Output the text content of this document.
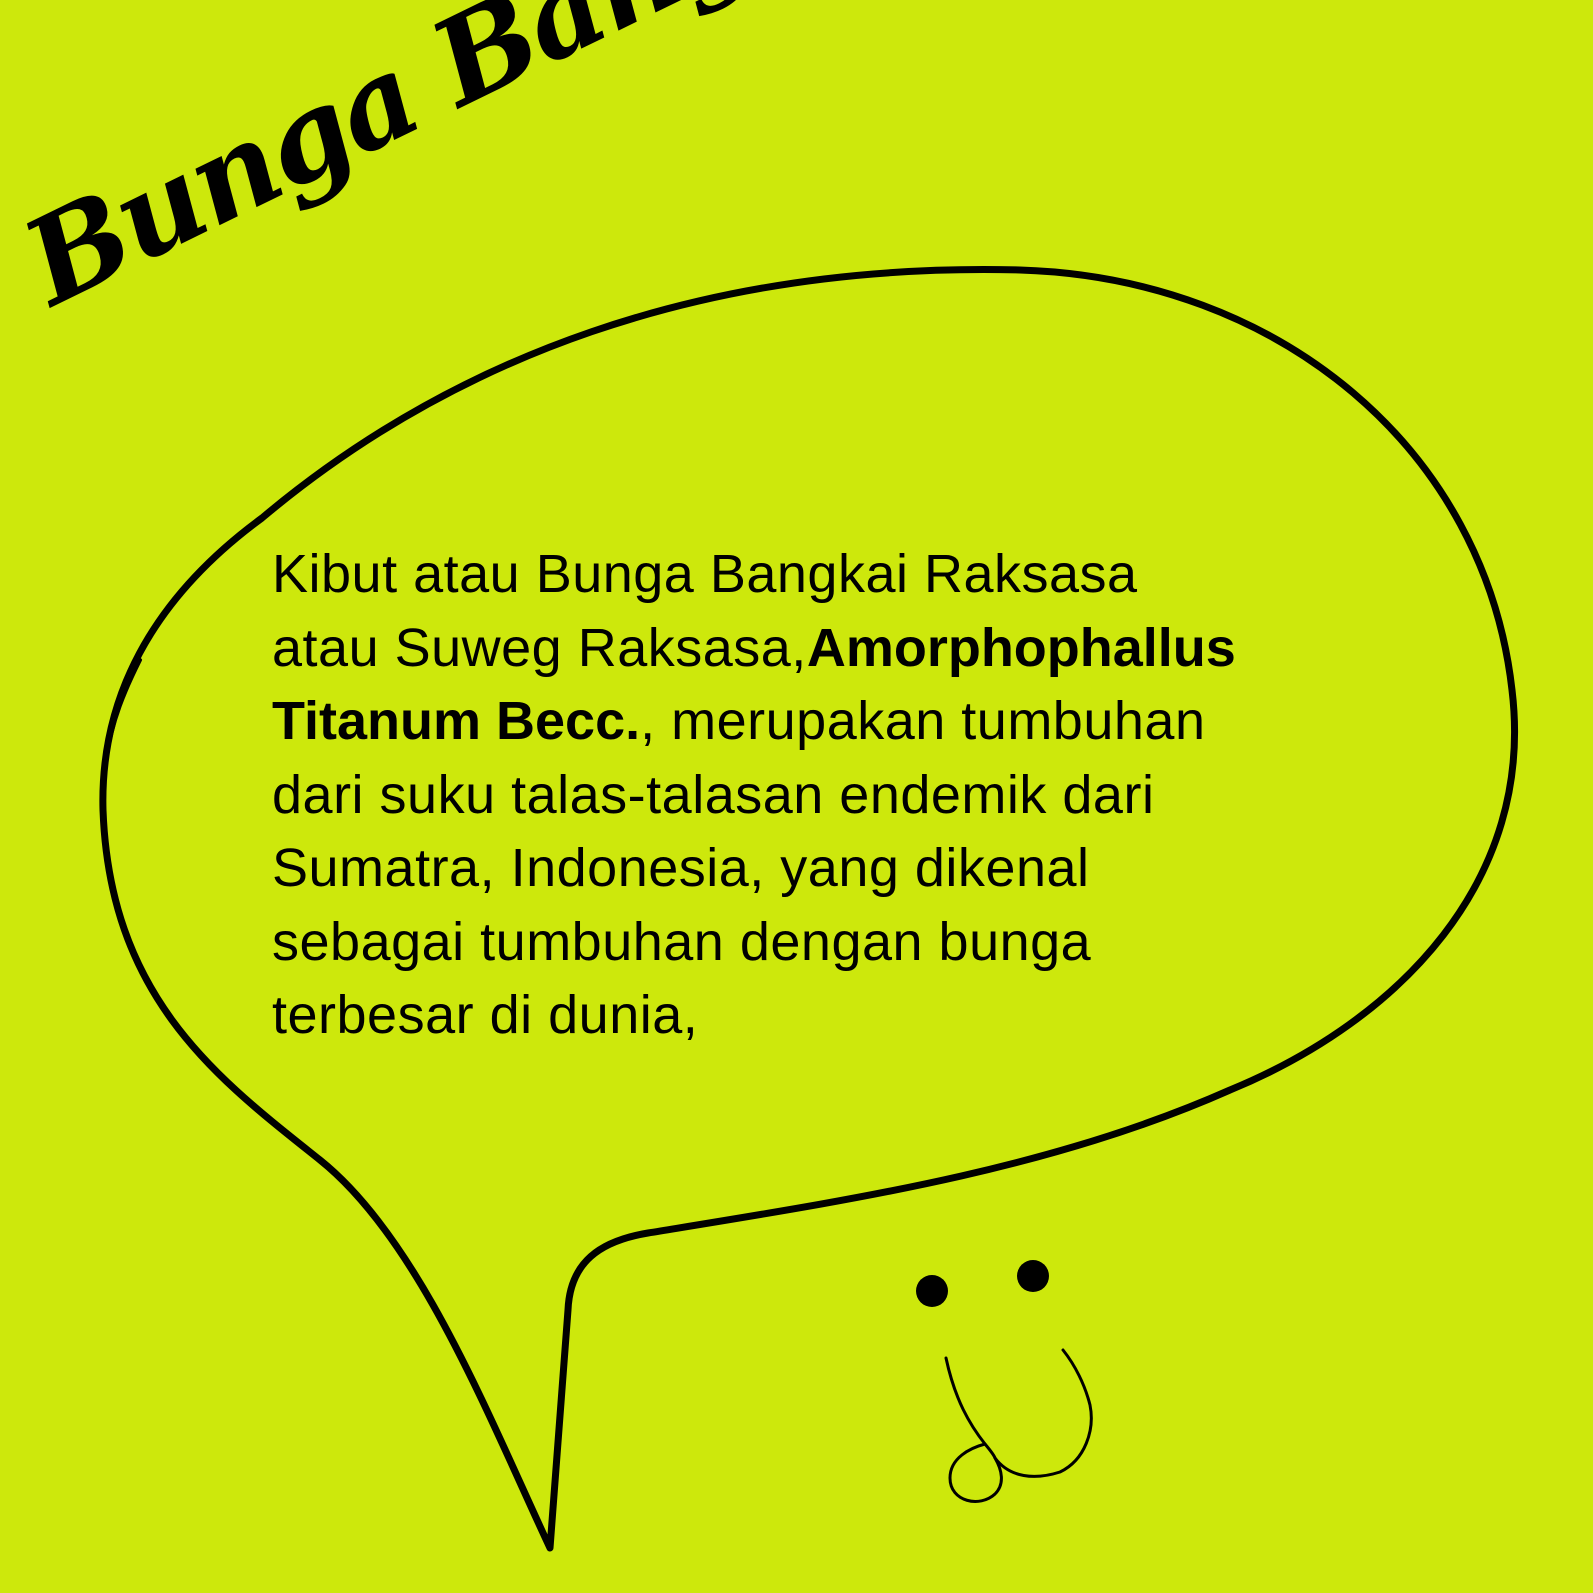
Kibut atau Bunga Bangkai Raksasa
atau Suweg Raksasa,Amorphophallus
Titanum Becc., merupakan tumbuhan
dari suku talas-talasan endemik dari
Sumatra, Indonesia, yang dikenal
sebagai tumbuhan dengan bunga
terbesar di dunia,
